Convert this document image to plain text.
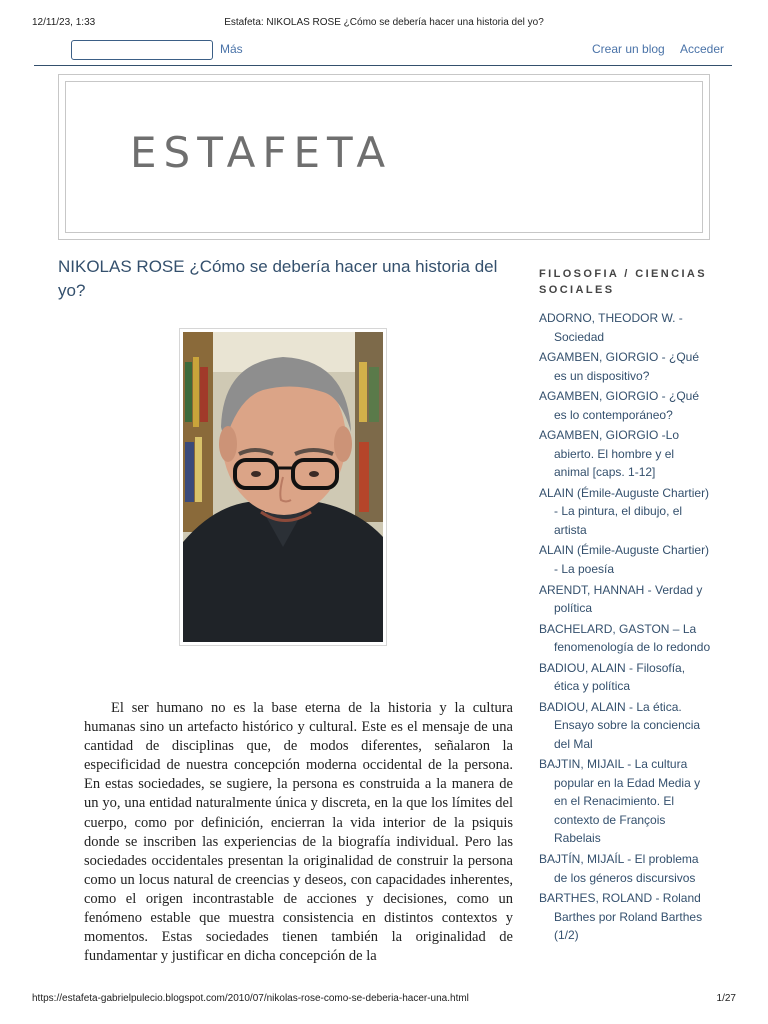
12/11/23, 1:33	Estafeta: NIKOLAS ROSE ¿Cómo se debería hacer una historia del yo?
Más	Crear un blog Acceder
ESTAFETA
NIKOLAS ROSE ¿Cómo se debería hacer una historia del yo?

El ser humano no es la base eterna de la historia y la cultura humanas sino un artefacto histórico y cultural. Este es el mensaje de una cantidad de disciplinas que, de modos diferentes, señalaron la especificidad de nuestra concepción moderna occidental de la persona. En estas sociedades, se sugiere, la persona es construida a la manera de un yo, una entidad naturalmente única y discreta, en la que los límites del cuerpo, como por definición, encierran la vida interior de la psiquis donde se inscriben las experiencias de la biografía individual. Pero las sociedades occidentales presentan la originalidad de construir la persona como un locus natural de creencias y deseos, con capacidades inherentes, como el origen incontrastable de acciones y decisiones, como un fenómeno estable que muestra consistencia en distintos contextos y momentos. Estas sociedades tienen también la originalidad de fundamentar y justificar en dicha concepción de la

FILOSOFIA / CIENCIAS SOCIALES
ADORNO, THEODOR W. - Sociedad
AGAMBEN, GIORGIO - ¿Qué es un dispositivo?
AGAMBEN, GIORGIO - ¿Qué es lo contemporáneo?
AGAMBEN, GIORGIO -Lo abierto. El hombre y el animal [caps. 1-12]
ALAIN (Émile-Auguste Chartier) - La pintura, el dibujo, el artista
ALAIN (Émile-Auguste Chartier) - La poesía
ARENDT, HANNAH - Verdad y política
BACHELARD, GASTON – La fenomenología de lo redondo
BADIOU, ALAIN - Filosofía, ética y política
BADIOU, ALAIN - La ética. Ensayo sobre la conciencia del Mal
BAJTIN, MIJAIL - La cultura popular en la Edad Media y en el Renacimiento. El contexto de François Rabelais
BAJTÍN, MIJAÍL - El problema de los géneros discursivos
BARTHES, ROLAND - Roland Barthes por Roland Barthes (1/2)
https://estafeta-gabrielpulecio.blogspot.com/2010/07/nikolas-rose-como-se-deberia-hacer-una.html	1/27
